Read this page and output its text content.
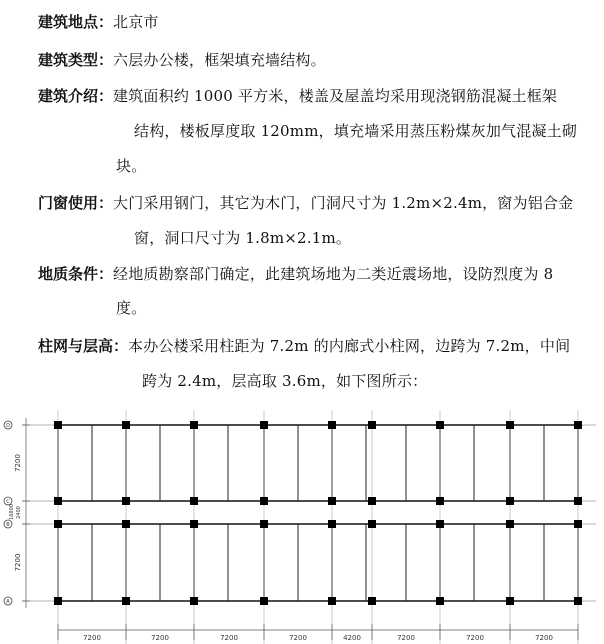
建筑地点：北京市
建筑类型：六层办公楼，框架填充墙结构。
建筑介绍：建筑面积约 1000 平方米，楼盖及屋盖均采用现浇钢筋混凝土框架
结构，楼板厚度取 120mm，填充墙采用蒸压粉煤灰加气混凝土砌
块。
门窗使用：大门采用钢门，其它为木门，门洞尺寸为 1.2m×2.4m，窗为铝合金
窗，洞口尺寸为 1.8m×2.1m。
地质条件：经地质勘察部门确定，此建筑场地为二类近震场地，设防烈度为 8
度。
柱网与层高：本办公楼采用柱距为 7.2m 的内廊式小柱网，边跨为 7.2m，中间
跨为 2.4m，层高取 3.6m，如下图所示：
D
C
B
A
7200
2400
7200
16800
7200	7200	7200	7200	4200	7200	7200	7200
